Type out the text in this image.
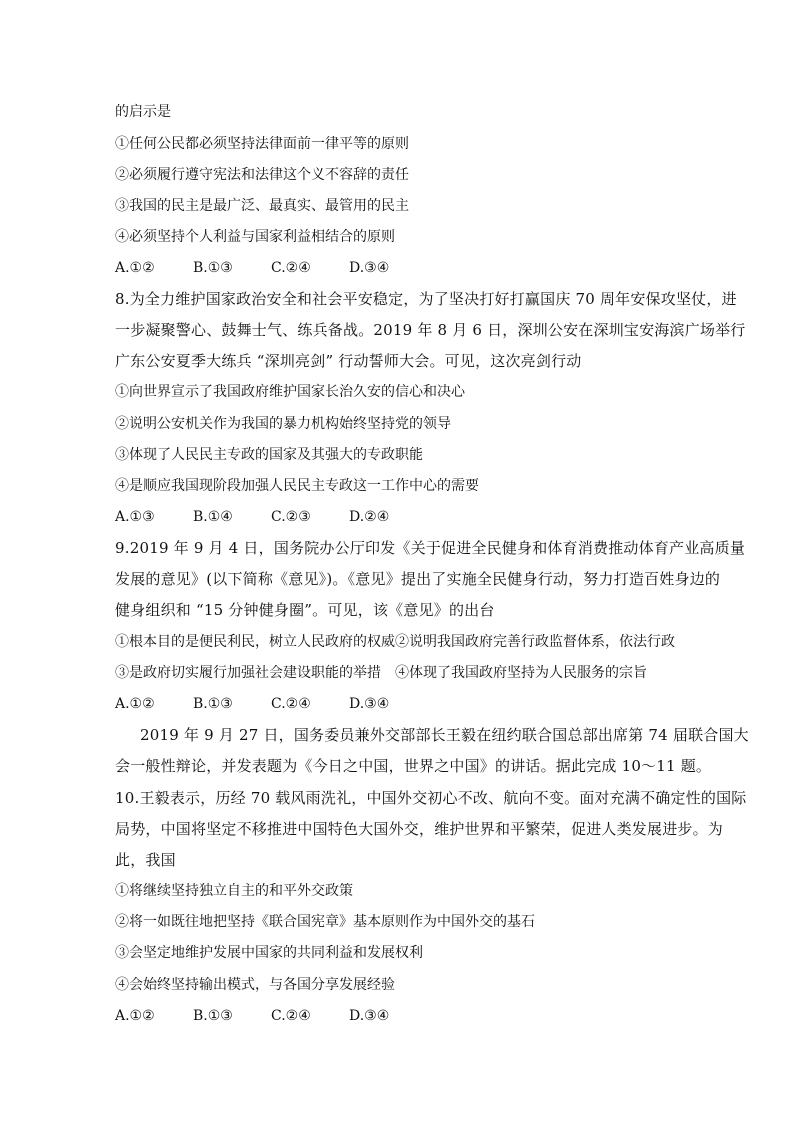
的启示是
①任何公民都必须坚持法律面前一律平等的原则
②必须履行遵守宪法和法律这个义不容辞的责任
③我国的民主是最广泛、最真实、最管用的民主
④必须坚持个人利益与国家利益相结合的原则
A.①②	B.①③	C.②④	D.③④
8.为全力维护国家政治安全和社会平安稳定，为了坚决打好打赢国庆 70 周年安保攻坚仗，进
一步凝聚警心、鼓舞士气、练兵备战。2019 年 8 月 6 日，深圳公安在深圳宝安海滨广场举行
广东公安夏季大练兵 “深圳亮剑” 行动誓师大会。可见，这次亮剑行动
①向世界宣示了我国政府维护国家长治久安的信心和决心
②说明公安机关作为我国的暴力机构始终坚持党的领导
③体现了人民民主专政的国家及其强大的专政职能
④是顺应我国现阶段加强人民民主专政这一工作中心的需要
A.①③	B.①④	C.②③	D.②④
9.2019 年 9 月 4 日，国务院办公厅印发《关于促进全民健身和体育消费推动体育产业高质量
发展的意见》(以下简称《意见》)。《意见》提出了实施全民健身行动，努力打造百姓身边的
健身组织和 “15 分钟健身圈”。可见，该《意见》的出台
①根本目的是便民利民，树立人民政府的权威②说明我国政府完善行政监督体系，依法行政
③是政府切实履行加强社会建设职能的举措　④体现了我国政府坚持为人民服务的宗旨
A.①②	B.①③	C.②④	D.③④
2019 年 9 月 27 日，国务委员兼外交部部长王毅在纽约联合国总部出席第 74 届联合国大
会一般性辩论，并发表题为《今日之中国，世界之中国》的讲话。据此完成 10～11 题。
10.王毅表示，历经 70 载风雨洗礼，中国外交初心不改、航向不变。面对充满不确定性的国际
局势，中国将坚定不移推进中国特色大国外交，维护世界和平繁荣，促进人类发展进步。为
此，我国
①将继续坚持独立自主的和平外交政策
②将一如既往地把坚持《联合国宪章》基本原则作为中国外交的基石
③会坚定地维护发展中国家的共同利益和发展权利
④会始终坚持输出模式，与各国分享发展经验
A.①②	B.①③	C.②④	D.③④
